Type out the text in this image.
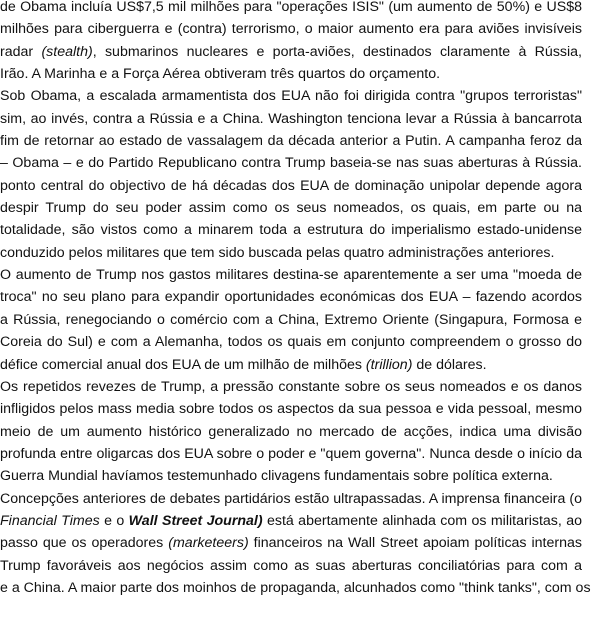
de Obama incluía US$7,5 mil milhões para "operações ISIS" (um aumento de 50%) e US$8
milhões para ciberguerra e (contra) terrorismo, o maior aumento era para aviões invisíveis
radar (stealth), submarinos nucleares e porta-aviões, destinados claramente à Rússia,
Irão. A Marinha e a Força Aérea obtiveram três quartos do orçamento.
Sob Obama, a escalada armamentista dos EUA não foi dirigida contra "grupos terroristas"
sim, ao invés, contra a Rússia e a China. Washington tenciona levar a Rússia à bancarrota
fim de retornar ao estado de vassalagem da década anterior a Putin. A campanha feroz da
– Obama – e do Partido Republicano contra Trump baseia-se nas suas aberturas à Rússia.
ponto central do objectivo de há décadas dos EUA de dominação unipolar depende agora
despir Trump do seu poder assim como os seus nomeados, os quais, em parte ou na
totalidade, são vistos como a minarem toda a estrutura do imperialismo estado-unidense
conduzido pelos militares que tem sido buscada pelas quatro administrações anteriores.
O aumento de Trump nos gastos militares destina-se aparentemente a ser uma "moeda de
troca" no seu plano para expandir oportunidades económicas dos EUA – fazendo acordos
a Rússia, renegociando o comércio com a China, Extremo Oriente (Singapura, Formosa e
Coreia do Sul) e com a Alemanha, todos os quais em conjunto compreendem o grosso do
défice comercial anual dos EUA de um milhão de milhões (trillion) de dólares.
Os repetidos revezes de Trump, a pressão constante sobre os seus nomeados e os danos
infligidos pelos mass media sobre todos os aspectos da sua pessoa e vida pessoal, mesmo
meio de um aumento histórico generalizado no mercado de acções, indica uma divisão
profunda entre oligarcas dos EUA sobre o poder e "quem governa". Nunca desde o início da
Guerra Mundial havíamos testemunhado clivagens fundamentais sobre política externa.
Concepções anteriores de debates partidários estão ultrapassadas. A imprensa financeira (o
Financial Times e o Wall Street Journal) está abertamente alinhada com os militaristas, ao
passo que os operadores (marketeers) financeiros na Wall Street apoiam políticas internas
Trump favoráveis aos negócios assim como as suas aberturas conciliatórias para com a
e a China. A maior parte dos moinhos de propaganda, alcunhados como "think tanks", com os
